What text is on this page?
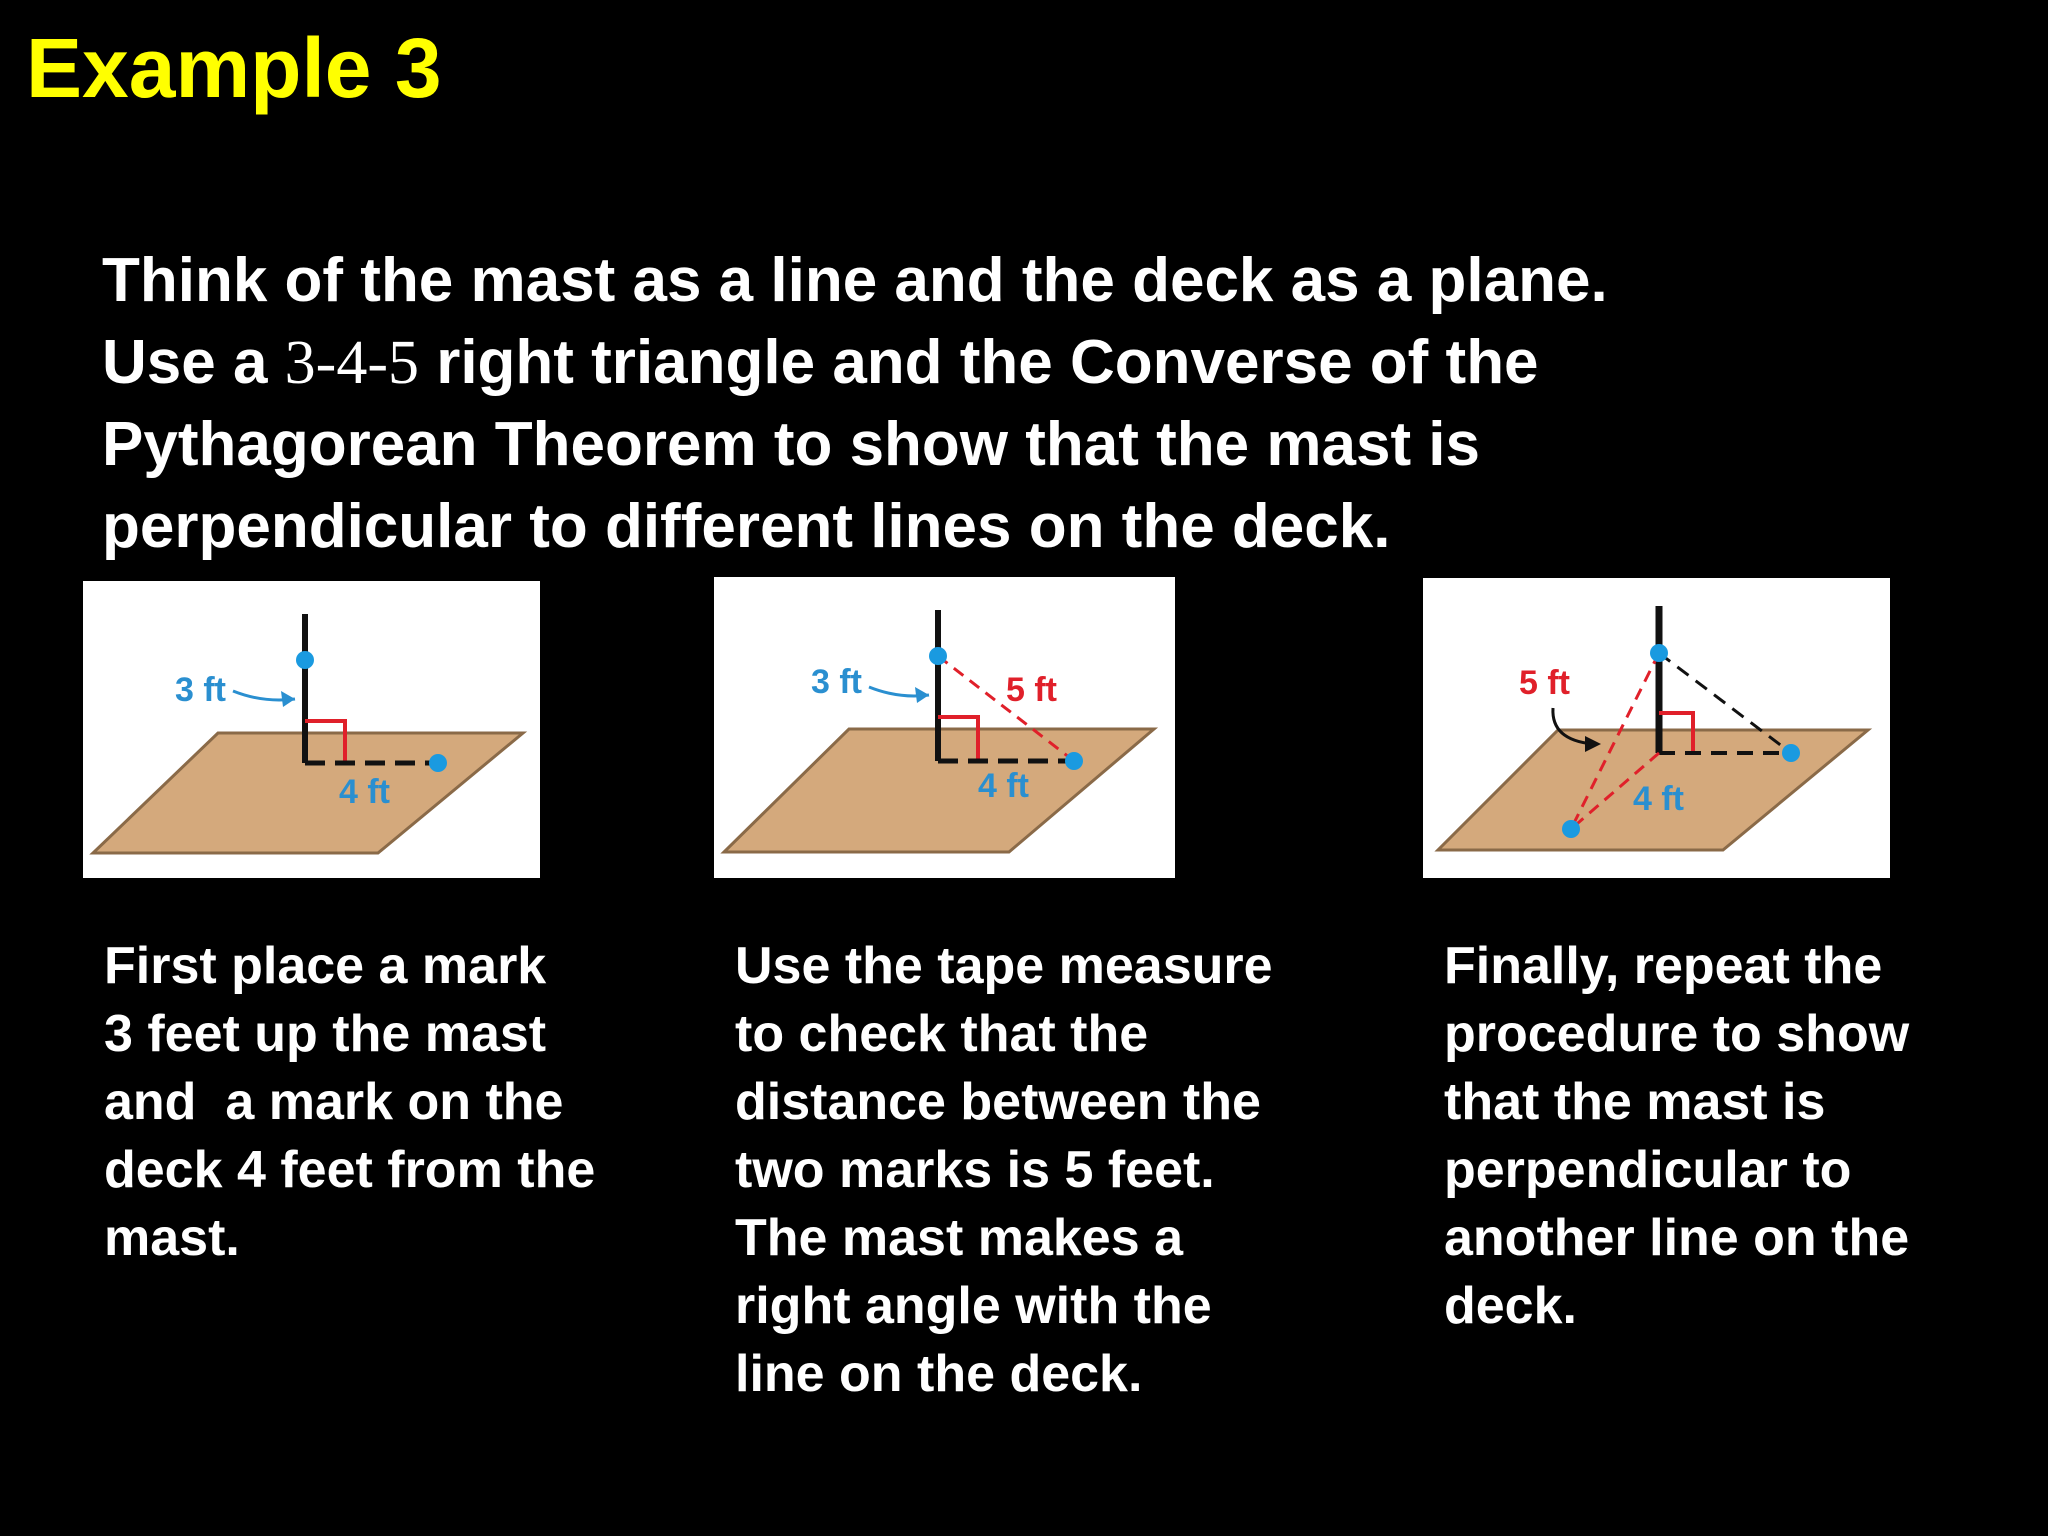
Example 3
Think of the mast as a line and the deck as a plane.
Use a 3-4-5 right triangle and the Converse of the
Pythagorean Theorem to show that the mast is
perpendicular to different lines on the deck.
3 ft
4 ft
3 ft	5 ft
4 ft
5 ft
4 ft
First place a mark
3 feet up the mast
and  a mark on the
deck 4 feet from the
mast.
Use the tape measure
to check that the
distance between the
two marks is 5 feet.
The mast makes a
right angle with the
line on the deck.
Finally, repeat the
procedure to show
that the mast is
perpendicular to
another line on the
deck.
